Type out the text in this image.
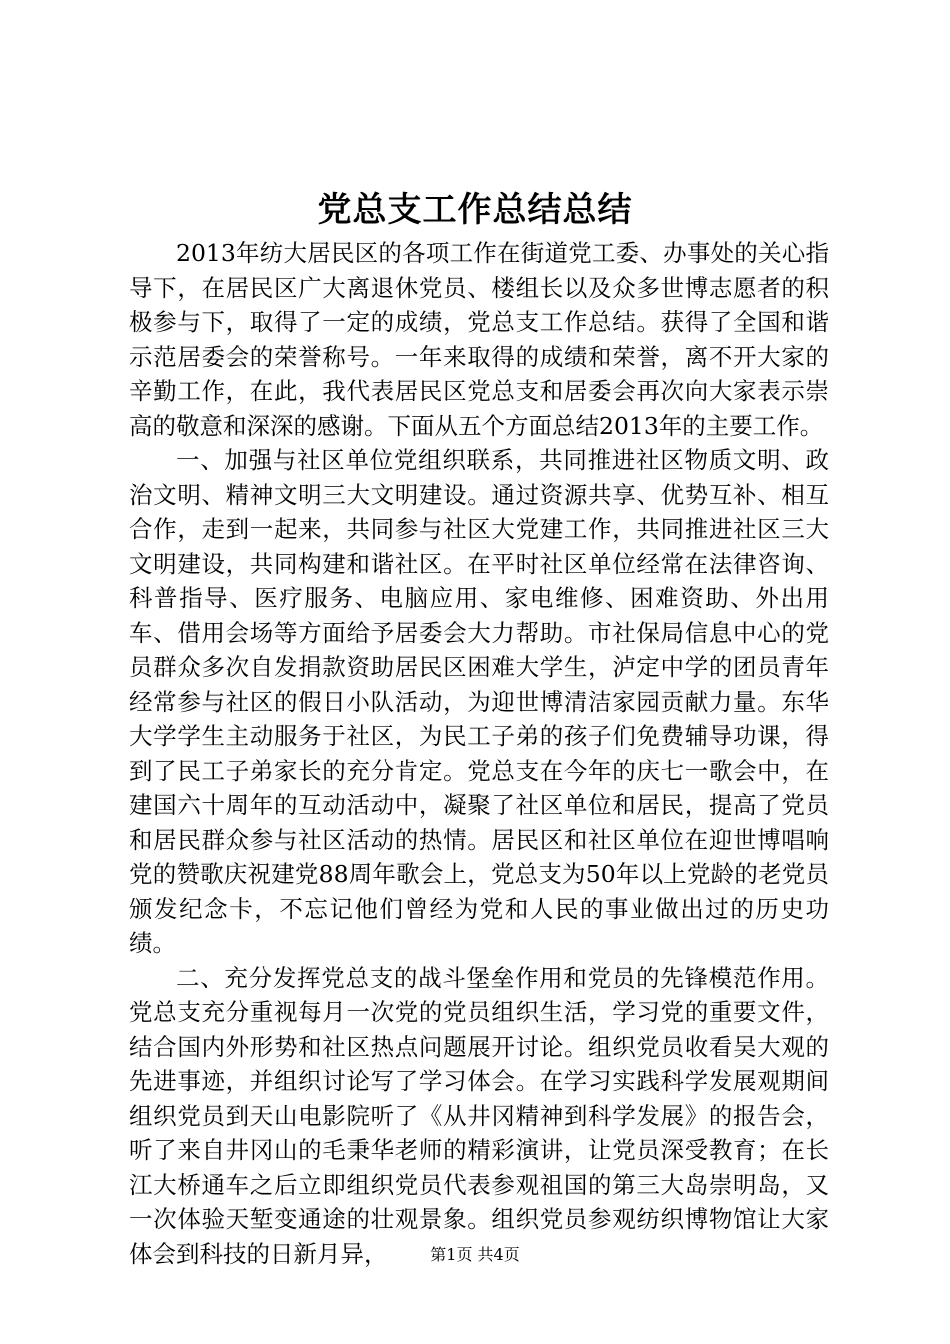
党总支工作总结总结

2013年纺大居民区的各项工作在街道党工委、办事处的关心指导下，在居民区广大离退休党员、楼组长以及众多世博志愿者的积极参与下，取得了一定的成绩，党总支工作总结。获得了全国和谐示范居委会的荣誉称号。一年来取得的成绩和荣誉，离不开大家的辛勤工作，在此，我代表居民区党总支和居委会再次向大家表示崇高的敬意和深深的感谢。下面从五个方面总结2013年的主要工作。

一、加强与社区单位党组织联系，共同推进社区物质文明、政治文明、精神文明三大文明建设。通过资源共享、优势互补、相互合作，走到一起来，共同参与社区大党建工作，共同推进社区三大文明建设，共同构建和谐社区。在平时社区单位经常在法律咨询、科普指导、医疗服务、电脑应用、家电维修、困难资助、外出用车、借用会场等方面给予居委会大力帮助。市社保局信息中心的党员群众多次自发捐款资助居民区困难大学生，泸定中学的团员青年经常参与社区的假日小队活动，为迎世博清洁家园贡献力量。东华大学学生主动服务于社区，为民工子弟的孩子们免费辅导功课，得到了民工子弟家长的充分肯定。党总支在今年的庆七一歌会中，在建国六十周年的互动活动中，凝聚了社区单位和居民，提高了党员和居民群众参与社区活动的热情。居民区和社区单位在迎世博唱响党的赞歌庆祝建党88周年歌会上，党总支为50年以上党龄的老党员颁发纪念卡，不忘记他们曾经为党和人民的事业做出过的历史功绩。

二、充分发挥党总支的战斗堡垒作用和党员的先锋模范作用。党总支充分重视每月一次党的党员组织生活，学习党的重要文件，结合国内外形势和社区热点问题展开讨论。组织党员收看吴大观的先进事迹，并组织讨论写了学习体会。在学习实践科学发展观期间组织党员到天山电影院听了《从井冈精神到科学发展》的报告会，听了来自井冈山的毛秉华老师的精彩演讲，让党员深受教育；在长江大桥通车之后立即组织党员代表参观祖国的第三大岛崇明岛，又一次体验天堑变通途的壮观景象。组织党员参观纺织博物馆让大家体会到科技的日新月异，	第1页 共4页
